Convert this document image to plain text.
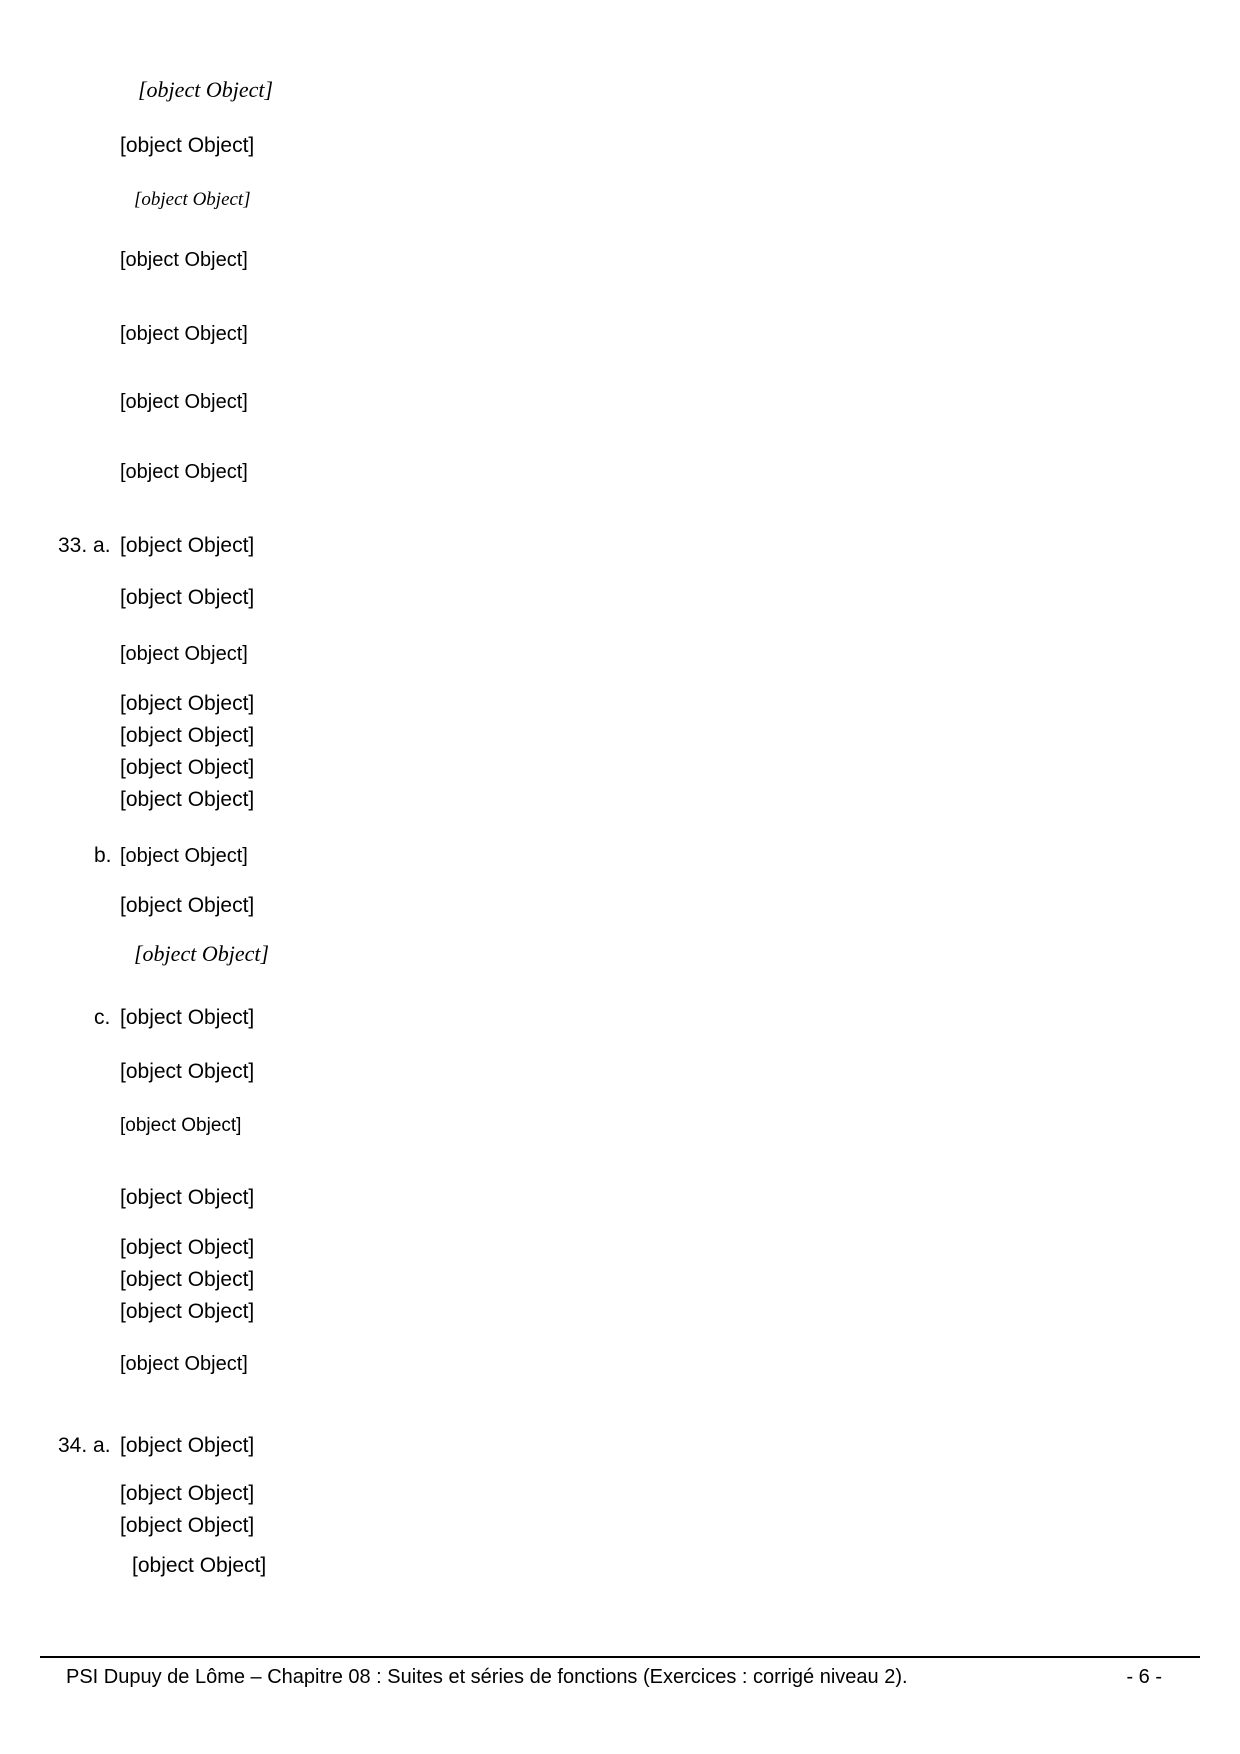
33. a.
b.
c.
34. a.
[object Object]
[object Object]
[object Object]
[object Object]
[object Object]
[object Object]
[object Object]
[object Object]
[object Object]
[object Object]
[object Object]
[object Object]
[object Object]
[object Object]
[object Object]
[object Object]
[object Object]
[object Object]
[object Object]
[object Object]
[object Object]
[object Object]
[object Object]
[object Object]
[object Object]
[object Object]
[object Object]
[object Object]
[object Object]
PSI Dupuy de Lôme – Chapitre 08 : Suites et séries de fonctions (Exercices : corrigé niveau 2).	- 6 -
